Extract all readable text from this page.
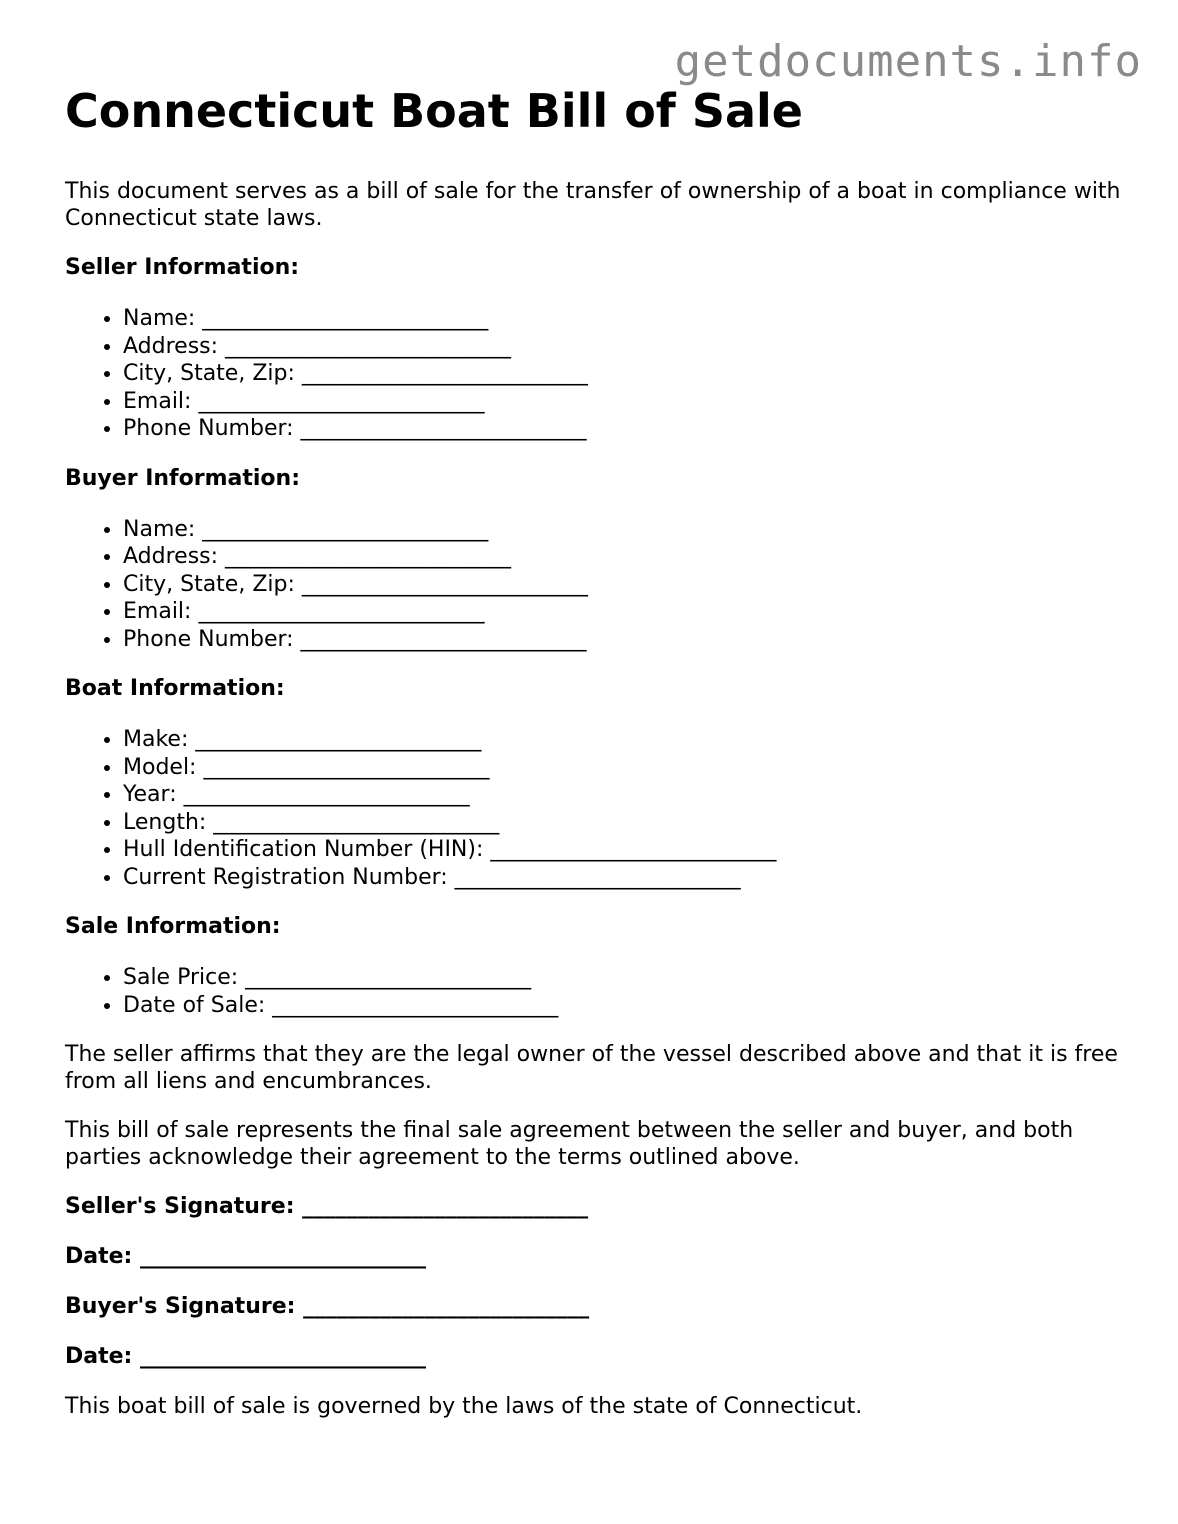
getdocuments.info
Connecticut Boat Bill of Sale

This document serves as a bill of sale for the transfer of ownership of a boat in compliance with Connecticut state laws.

Seller Information:
• Name: __________________________
• Address: __________________________
• City, State, Zip: __________________________
• Email: __________________________
• Phone Number: __________________________
Buyer Information:
• Name: __________________________
• Address: __________________________
• City, State, Zip: __________________________
• Email: __________________________
• Phone Number: __________________________
Boat Information:
• Make: __________________________
• Model: __________________________
• Year: __________________________
• Length: __________________________
• Hull Identification Number (HIN): __________________________
• Current Registration Number: __________________________
Sale Information:
• Sale Price: __________________________
• Date of Sale: __________________________

The seller affirms that they are the legal owner of the vessel described above and that it is free from all liens and encumbrances.

This bill of sale represents the final sale agreement between the seller and buyer, and both parties acknowledge their agreement to the terms outlined above.

Seller's Signature: __________________________
Date: __________________________
Buyer's Signature: __________________________
Date: __________________________

This boat bill of sale is governed by the laws of the state of Connecticut.
